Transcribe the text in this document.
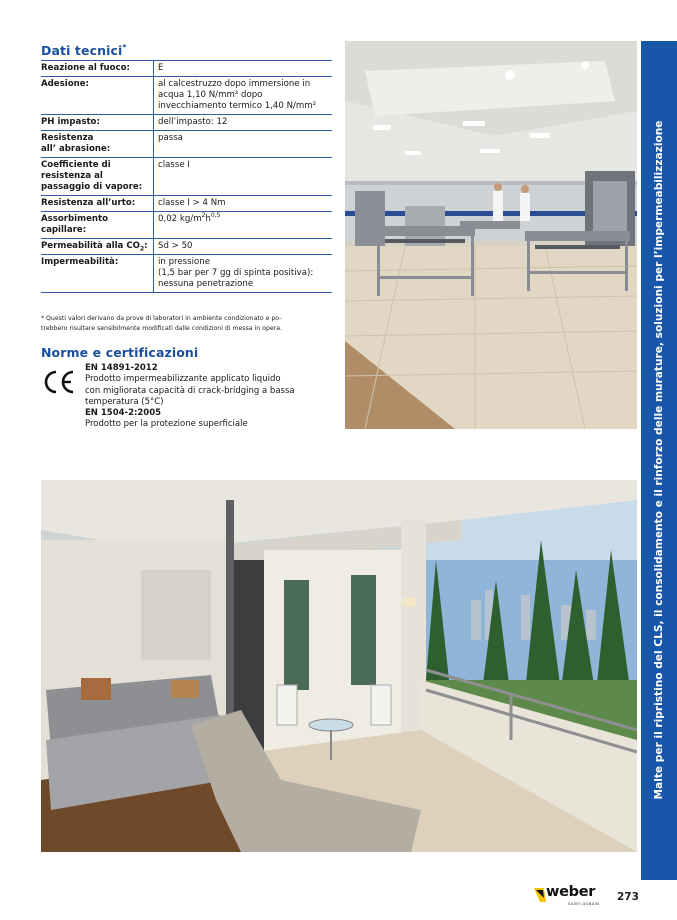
Dati tecnici*
Reazione al fuoco:	E
Adesione:	al calcestruzzo dopo immersione in
acqua 1,10 N/mm² dopo
invecchiamento termico 1,40 N/mm²

PH impasto:	dell’impasto: 12

Resistenza
all’ abrasione:	passa

Coefficiente di
resistenza al
passaggio di vapore:	classe I
Resistenza all’urto:	classe I > 4 Nm

Assorbimento
capillare:	0,02 $kg/m^2h^{0,5}$
Permeabilità alla $CO_2$:	Sd > 50
Impermeabilità:	in pressione
(1,5 bar per 7 gg di spinta positiva):
nessuna penetrazione
* Questi valori derivano da prove di laboratori in ambiente condizionato e po-
trebbero risultare sensibilmente modificati dalle condizioni di messa in opera.
Norme e certificazioni
EN 14891-2012
Prodotto impermeabilizzante applicato liquido
con migliorata capacità di crack-bridging a bassa
temperatura (5°C)
EN 1504-2:2005
Prodotto per la protezione superficiale	Malte per il ripristino del CLS, il consolidamento e il rinforzo delle murature, soluzioni per l’impermeabilizzazione
weber
SAINT-GOBAIN
273
